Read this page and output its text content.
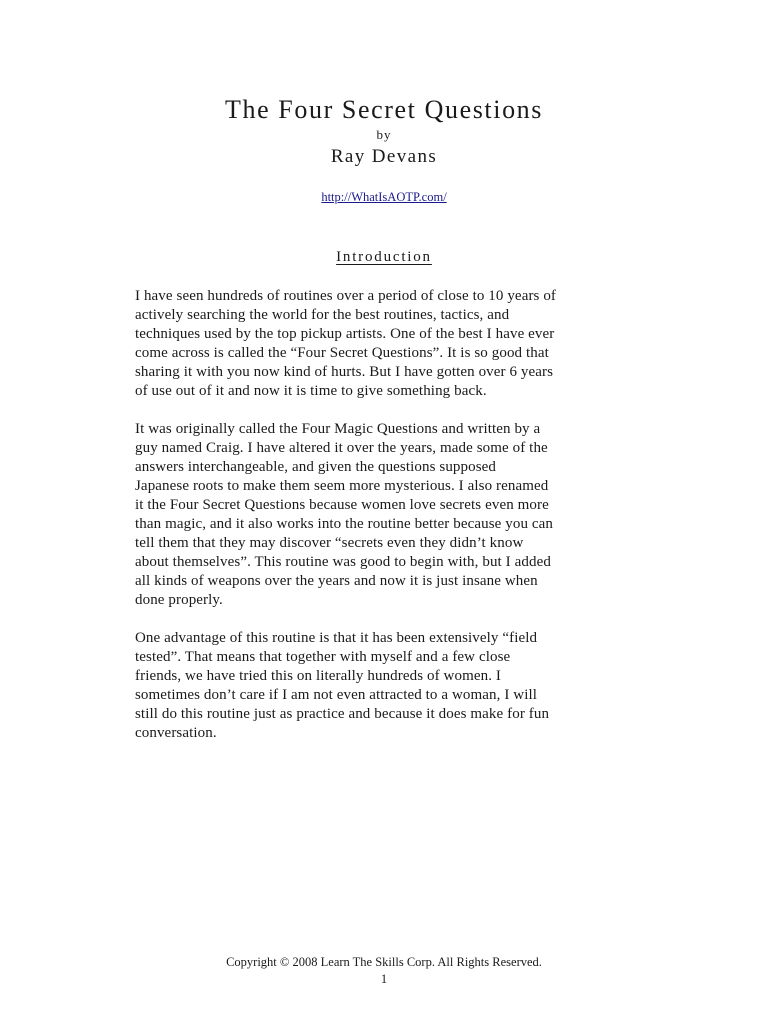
The Four Secret Questions
by
Ray Devans
http://WhatIsAOTP.com/
Introduction

I have seen hundreds of routines over a period of close to 10 years of
actively searching the world for the best routines, tactics, and
techniques used by the top pickup artists. One of the best I have ever
come across is called the “Four Secret Questions”. It is so good that
sharing it with you now kind of hurts. But I have gotten over 6 years
of use out of it and now it is time to give something back.

It was originally called the Four Magic Questions and written by a
guy named Craig. I have altered it over the years, made some of the
answers interchangeable, and given the questions supposed
Japanese roots to make them seem more mysterious. I also renamed
it the Four Secret Questions because women love secrets even more
than magic, and it also works into the routine better because you can
tell them that they may discover “secrets even they didn’t know
about themselves”. This routine was good to begin with, but I added
all kinds of weapons over the years and now it is just insane when
done properly.

One advantage of this routine is that it has been extensively “field
tested”. That means that together with myself and a few close
friends, we have tried this on literally hundreds of women. I
sometimes don’t care if I am not even attracted to a woman, I will
still do this routine just as practice and because it does make for fun
conversation.

Copyright © 2008 Learn The Skills Corp. All Rights Reserved.
1
